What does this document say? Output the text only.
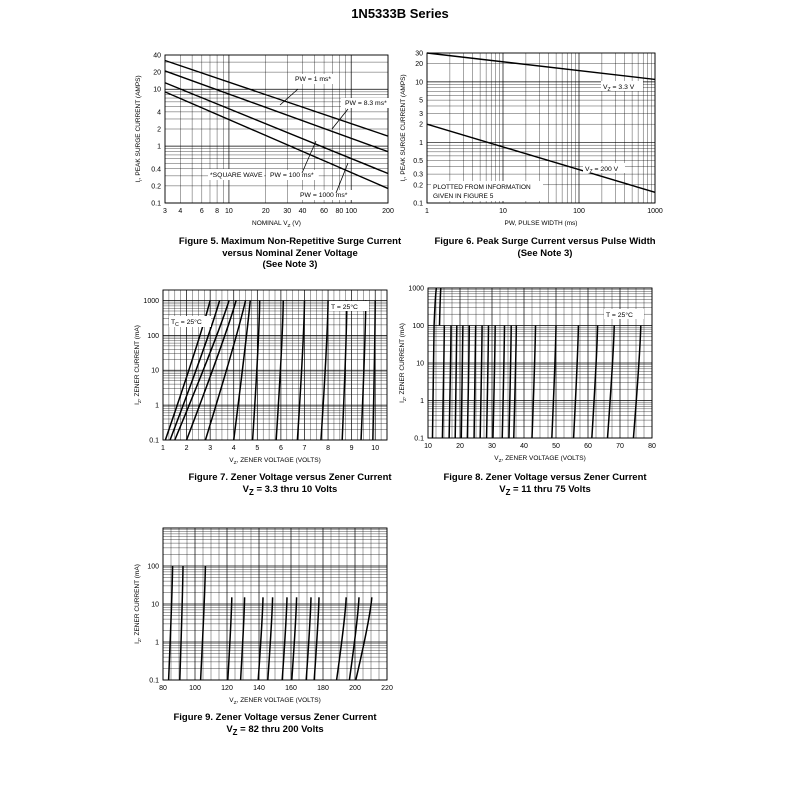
1N5333B Series
3 4	6 8 10	20 30 40 60 80 100	200
0.1
0.2
0.4
1
2
4
10
20
40
NOMINAL $V_Z$ (V)
$I_r$, PEAK SURGE CURRENT (AMPS)	PW = 1 ms*
PW = 8.3 ms*
PW = 100 ms*
PW = 1000 ms*
*SQUARE WAVE
Figure 5. Maximum Non-Repetitive Surge Current
versus Nominal Zener Voltage
(See Note 3)
1	10	100	1000
0.1
0.2
0.3
0.5
1
2
3
5
10
20
30
PW, PULSE WIDTH (ms)
$I_r$, PEAK SURGE CURRENT (AMPS)	$V_Z = 3.3$ V
$V_Z = 200$ V
PLOTTED FROM INFORMATION
GIVEN IN FIGURE 5
Figure 6. Peak Surge Current versus Pulse Width
(See Note 3)
1	2	3	4	5	6	7	8	9	10
0.1
1
10
100
1000
$V_Z$, ZENER VOLTAGE (VOLTS)
$I_Z$, ZENER CURRENT (mA)
$T_C = 25^\circ C$
T = 25°C
Figure 7. Zener Voltage versus Zener Current
$V_Z = 3.3$ thru 10 Volts
10	20	30	40	50	60	70	80
0.1
1
10
100
1000
$V_Z$, ZENER VOLTAGE (VOLTS)
$I_Z$, ZENER CURRENT (mA)
T = 25°C
Figure 8. Zener Voltage versus Zener Current
$V_Z = 11$ thru 75 Volts
80	100	120	140	160	180	200	220
0.1
1
10
100
$V_Z$, ZENER VOLTAGE (VOLTS)
$I_Z$, ZENER CURRENT (mA)
Figure 9. Zener Voltage versus Zener Current
$V_Z = 82$ thru 200 Volts
